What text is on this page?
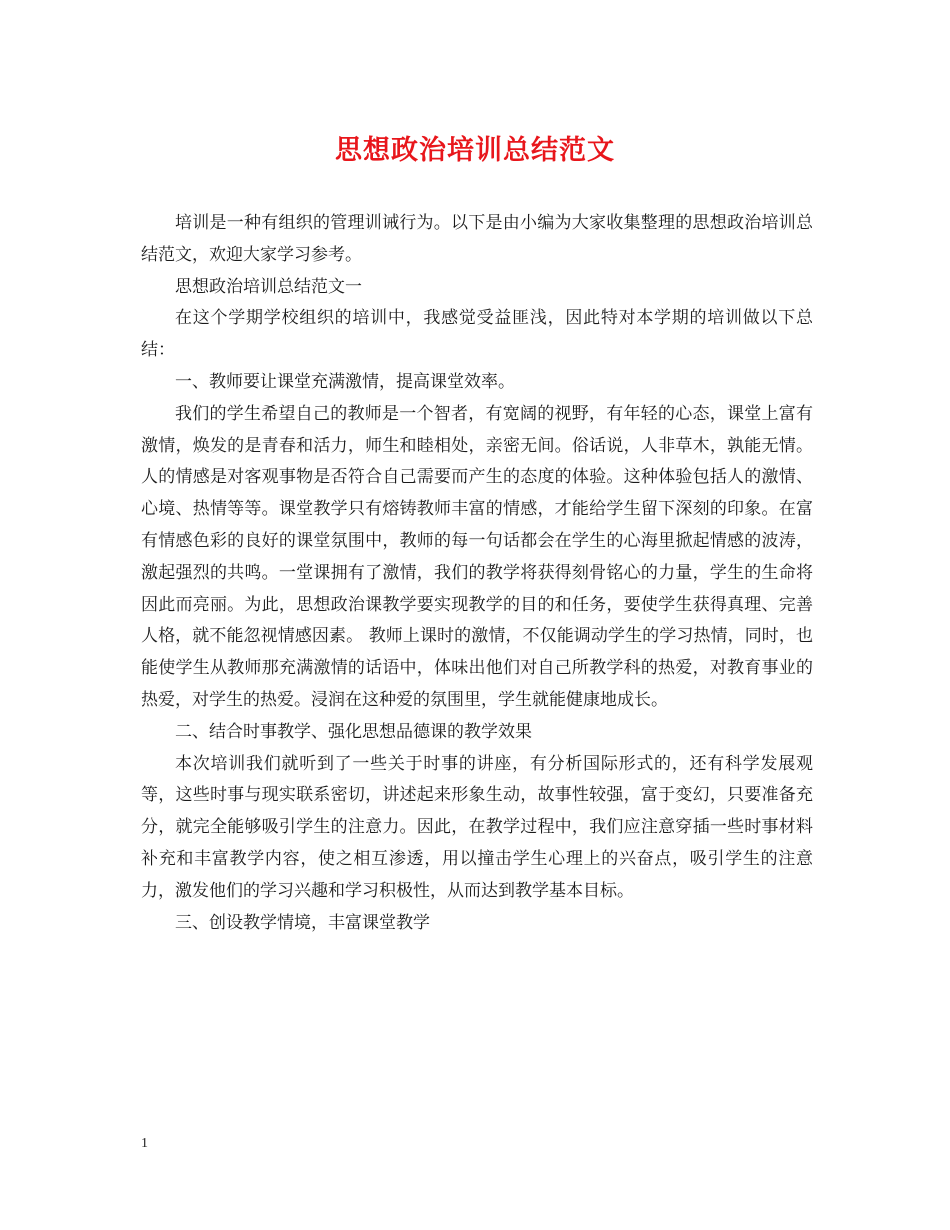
思想政治培训总结范文

培训是一种有组织的管理训诫行为。以下是由小编为大家收集整理的思想政治培训总结范文，欢迎大家学习参考。

思想政治培训总结范文一

在这个学期学校组织的培训中，我感觉受益匪浅，因此特对本学期的培训做以下总结：

一、教师要让课堂充满激情，提高课堂效率。

我们的学生希望自己的教师是一个智者，有宽阔的视野，有年轻的心态，课堂上富有激情，焕发的是青春和活力，师生和睦相处，亲密无间。俗话说，人非草木，孰能无情。人的情感是对客观事物是否符合自己需要而产生的态度的体验。这种体验包括人的激情、心境、热情等等。课堂教学只有熔铸教师丰富的情感，才能给学生留下深刻的印象。在富有情感色彩的良好的课堂氛围中，教师的每一句话都会在学生的心海里掀起情感的波涛，激起强烈的共鸣。一堂课拥有了激情，我们的教学将获得刻骨铭心的力量，学生的生命将因此而亮丽。为此，思想政治课教学要实现教学的目的和任务，要使学生获得真理、完善人格，就不能忽视情感因素。 教师上课时的激情，不仅能调动学生的学习热情，同时，也能使学生从教师那充满激情的话语中，体味出他们对自己所教学科的热爱，对教育事业的热爱，对学生的热爱。浸润在这种爱的氛围里，学生就能健康地成长。

二、结合时事教学、强化思想品德课的教学效果

本次培训我们就听到了一些关于时事的讲座，有分析国际形式的，还有科学发展观等，这些时事与现实联系密切，讲述起来形象生动，故事性较强，富于变幻，只要准备充分，就完全能够吸引学生的注意力。因此，在教学过程中，我们应注意穿插一些时事材料补充和丰富教学内容，使之相互渗透，用以撞击学生心理上的兴奋点，吸引学生的注意力，激发他们的学习兴趣和学习积极性，从而达到教学基本目标。

三、创设教学情境，丰富课堂教学

1
